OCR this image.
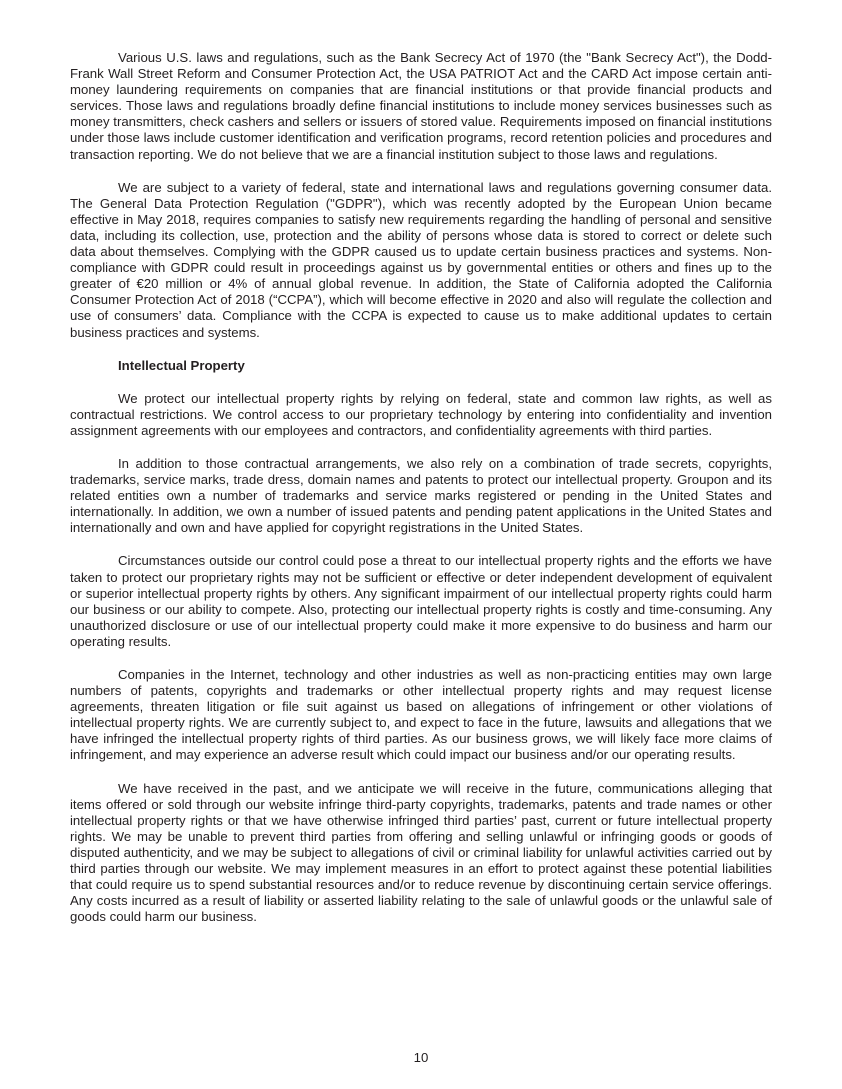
Various U.S. laws and regulations, such as the Bank Secrecy Act of 1970 (the "Bank Secrecy Act"), the Dodd-Frank Wall Street Reform and Consumer Protection Act, the USA PATRIOT Act and the CARD Act impose certain anti-money laundering requirements on companies that are financial institutions or that provide financial products and services. Those laws and regulations broadly define financial institutions to include money services businesses such as money transmitters, check cashers and sellers or issuers of stored value. Requirements imposed on financial institutions under those laws include customer identification and verification programs, record retention policies and procedures and transaction reporting. We do not believe that we are a financial institution subject to those laws and regulations.

We are subject to a variety of federal, state and international laws and regulations governing consumer data. The General Data Protection Regulation ("GDPR"), which was recently adopted by the European Union became effective in May 2018, requires companies to satisfy new requirements regarding the handling of personal and sensitive data, including its collection, use, protection and the ability of persons whose data is stored to correct or delete such data about themselves. Complying with the GDPR caused us to update certain business practices and systems. Non-compliance with GDPR could result in proceedings against us by governmental entities or others and fines up to the greater of €20 million or 4% of annual global revenue. In addition, the State of California adopted the California Consumer Protection Act of 2018 (“CCPA”), which will become effective in 2020 and also will regulate the collection and use of consumers’ data. Compliance with the CCPA is expected to cause us to make additional updates to certain business practices and systems.

Intellectual Property

We protect our intellectual property rights by relying on federal, state and common law rights, as well as contractual restrictions. We control access to our proprietary technology by entering into confidentiality and invention assignment agreements with our employees and contractors, and confidentiality agreements with third parties.

In addition to those contractual arrangements, we also rely on a combination of trade secrets, copyrights, trademarks, service marks, trade dress, domain names and patents to protect our intellectual property. Groupon and its related entities own a number of trademarks and service marks registered or pending in the United States and internationally. In addition, we own a number of issued patents and pending patent applications in the United States and internationally and own and have applied for copyright registrations in the United States.

Circumstances outside our control could pose a threat to our intellectual property rights and the efforts we have taken to protect our proprietary rights may not be sufficient or effective or deter independent development of equivalent or superior intellectual property rights by others. Any significant impairment of our intellectual property rights could harm our business or our ability to compete. Also, protecting our intellectual property rights is costly and time-consuming. Any unauthorized disclosure or use of our intellectual property could make it more expensive to do business and harm our operating results.

Companies in the Internet, technology and other industries as well as non-practicing entities may own large numbers of patents, copyrights and trademarks or other intellectual property rights and may request license agreements, threaten litigation or file suit against us based on allegations of infringement or other violations of intellectual property rights. We are currently subject to, and expect to face in the future, lawsuits and allegations that we have infringed the intellectual property rights of third parties. As our business grows, we will likely face more claims of infringement, and may experience an adverse result which could impact our business and/or our operating results.

We have received in the past, and we anticipate we will receive in the future, communications alleging that items offered or sold through our website infringe third-party copyrights, trademarks, patents and trade names or other intellectual property rights or that we have otherwise infringed third parties’ past, current or future intellectual property rights. We may be unable to prevent third parties from offering and selling unlawful or infringing goods or goods of disputed authenticity, and we may be subject to allegations of civil or criminal liability for unlawful activities carried out by third parties through our website. We may implement measures in an effort to protect against these potential liabilities that could require us to spend substantial resources and/or to reduce revenue by discontinuing certain service offerings. Any costs incurred as a result of liability or asserted liability relating to the sale of unlawful goods or the unlawful sale of goods could harm our business.

10
